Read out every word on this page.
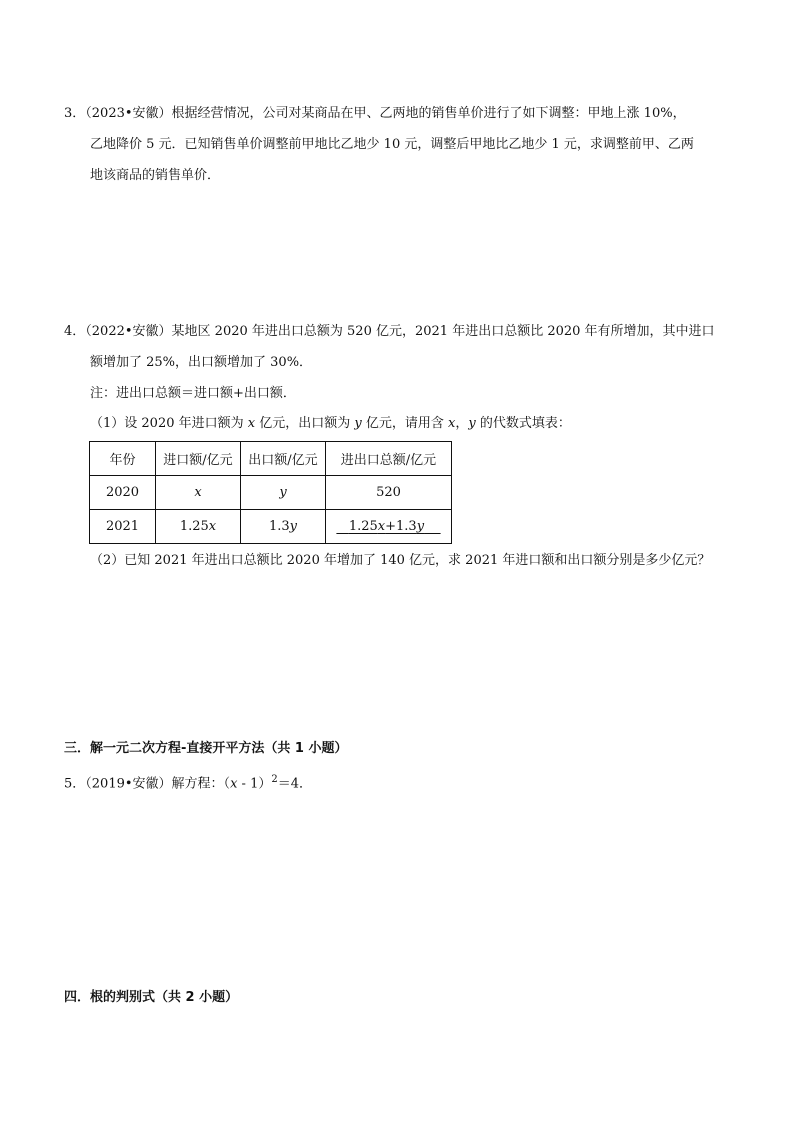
3．（2023•安徽）根据经营情况，公司对某商品在甲、乙两地的销售单价进行了如下调整：甲地上涨 10%，
乙地降价 5 元．已知销售单价调整前甲地比乙地少 10 元，调整后甲地比乙地少 1 元，求调整前甲、乙两
地该商品的销售单价．
4．（2022•安徽）某地区 2020 年进出口总额为 520 亿元，2021 年进出口总额比 2020 年有所增加，其中进口
额增加了 25%，出口额增加了 30%．
注：进出口总额＝进口额+出口额．
（1）设 2020 年进口额为 x 亿元，出口额为 y 亿元，请用含 x，y 的代数式填表：
年份	进口额/亿元	出口额/亿元	进出口总额/亿元
2020	x	y	520
2021	1.25x	1.3y	1.25x+1.3y
（2）已知 2021 年进出口总额比 2020 年增加了 140 亿元，求 2021 年进口额和出口额分别是多少亿元？
三．解一元二次方程-直接开平方法（共 1 小题）
5．（2019•安徽）解方程：（x - 1）$^2$＝4．
四．根的判别式（共 2 小题）
